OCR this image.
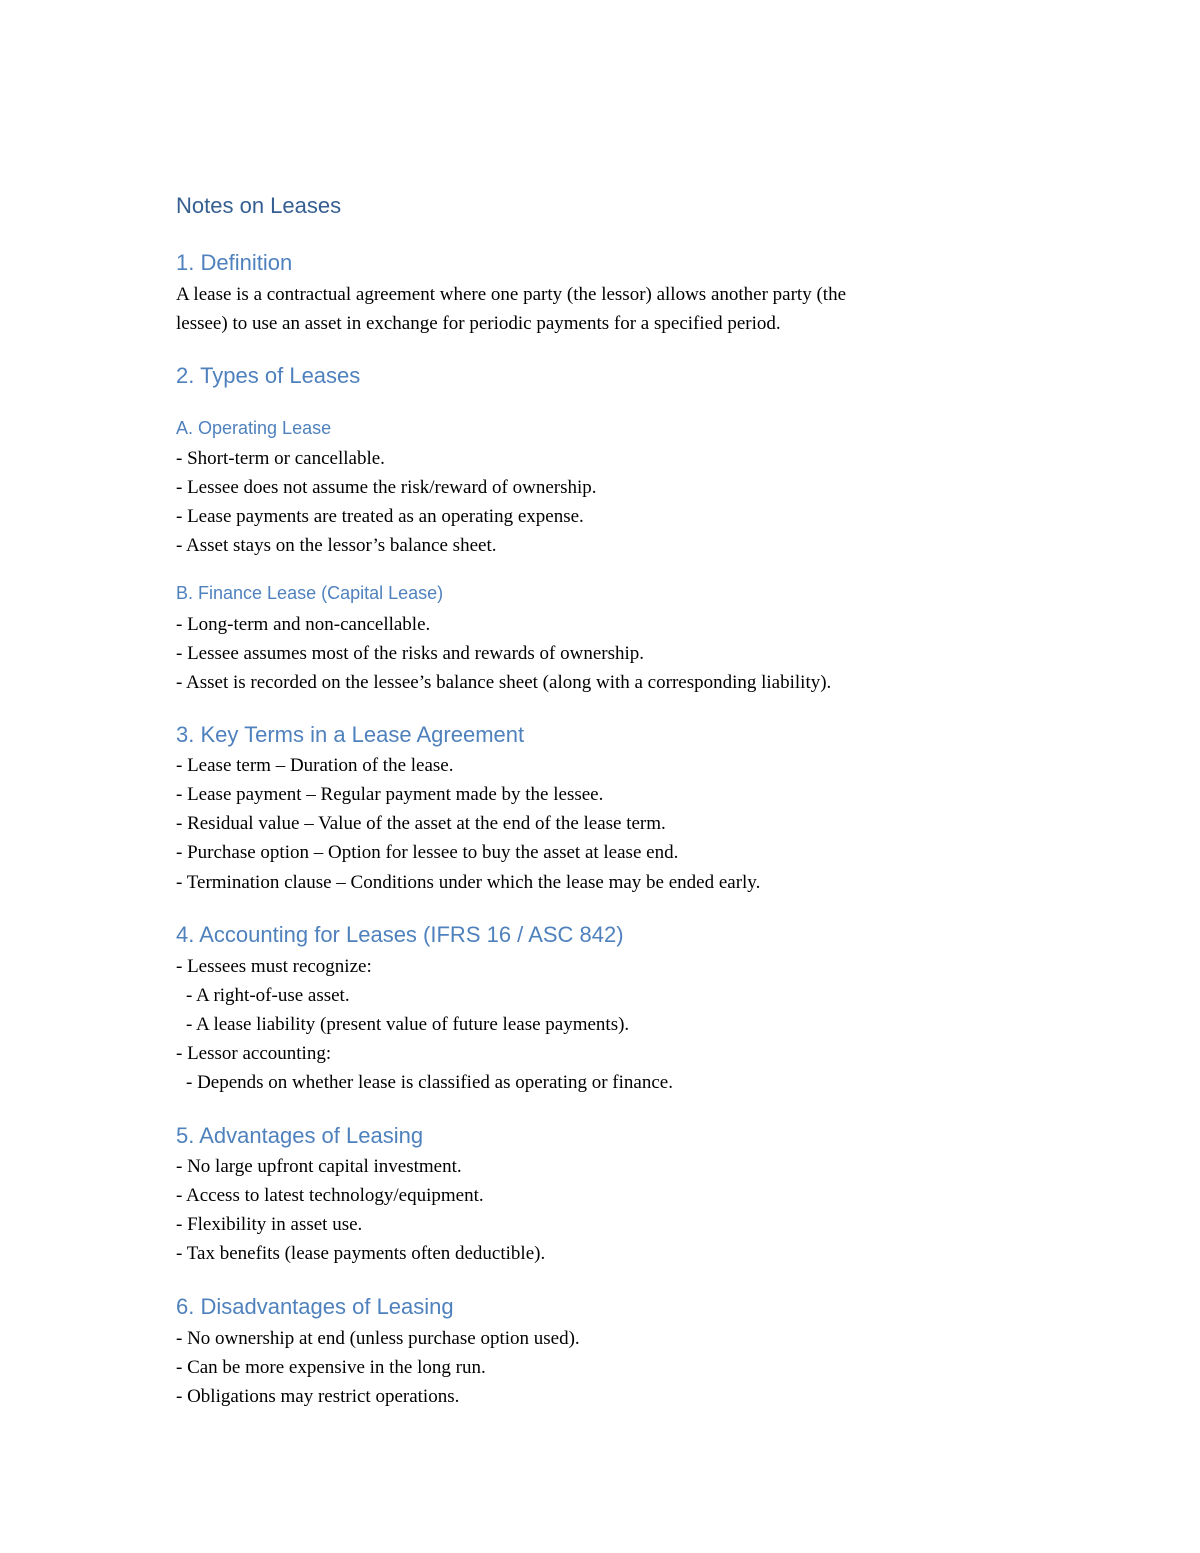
Notes on Leases
1. Definition
A lease is a contractual agreement where one party (the lessor) allows another party (the
lessee) to use an asset in exchange for periodic payments for a specified period.
2. Types of Leases
A. Operating Lease
- Short-term or cancellable.
- Lessee does not assume the risk/reward of ownership.
- Lease payments are treated as an operating expense.
- Asset stays on the lessor’s balance sheet.
B. Finance Lease (Capital Lease)
- Long-term and non-cancellable.
- Lessee assumes most of the risks and rewards of ownership.
- Asset is recorded on the lessee’s balance sheet (along with a corresponding liability).
3. Key Terms in a Lease Agreement
- Lease term – Duration of the lease.
- Lease payment – Regular payment made by the lessee.
- Residual value – Value of the asset at the end of the lease term.
- Purchase option – Option for lessee to buy the asset at lease end.
- Termination clause – Conditions under which the lease may be ended early.
4. Accounting for Leases (IFRS 16 / ASC 842)
- Lessees must recognize:
- A right-of-use asset.
- A lease liability (present value of future lease payments).
- Lessor accounting:
- Depends on whether lease is classified as operating or finance.
5. Advantages of Leasing
- No large upfront capital investment.
- Access to latest technology/equipment.
- Flexibility in asset use.
- Tax benefits (lease payments often deductible).
6. Disadvantages of Leasing
- No ownership at end (unless purchase option used).
- Can be more expensive in the long run.
- Obligations may restrict operations.
